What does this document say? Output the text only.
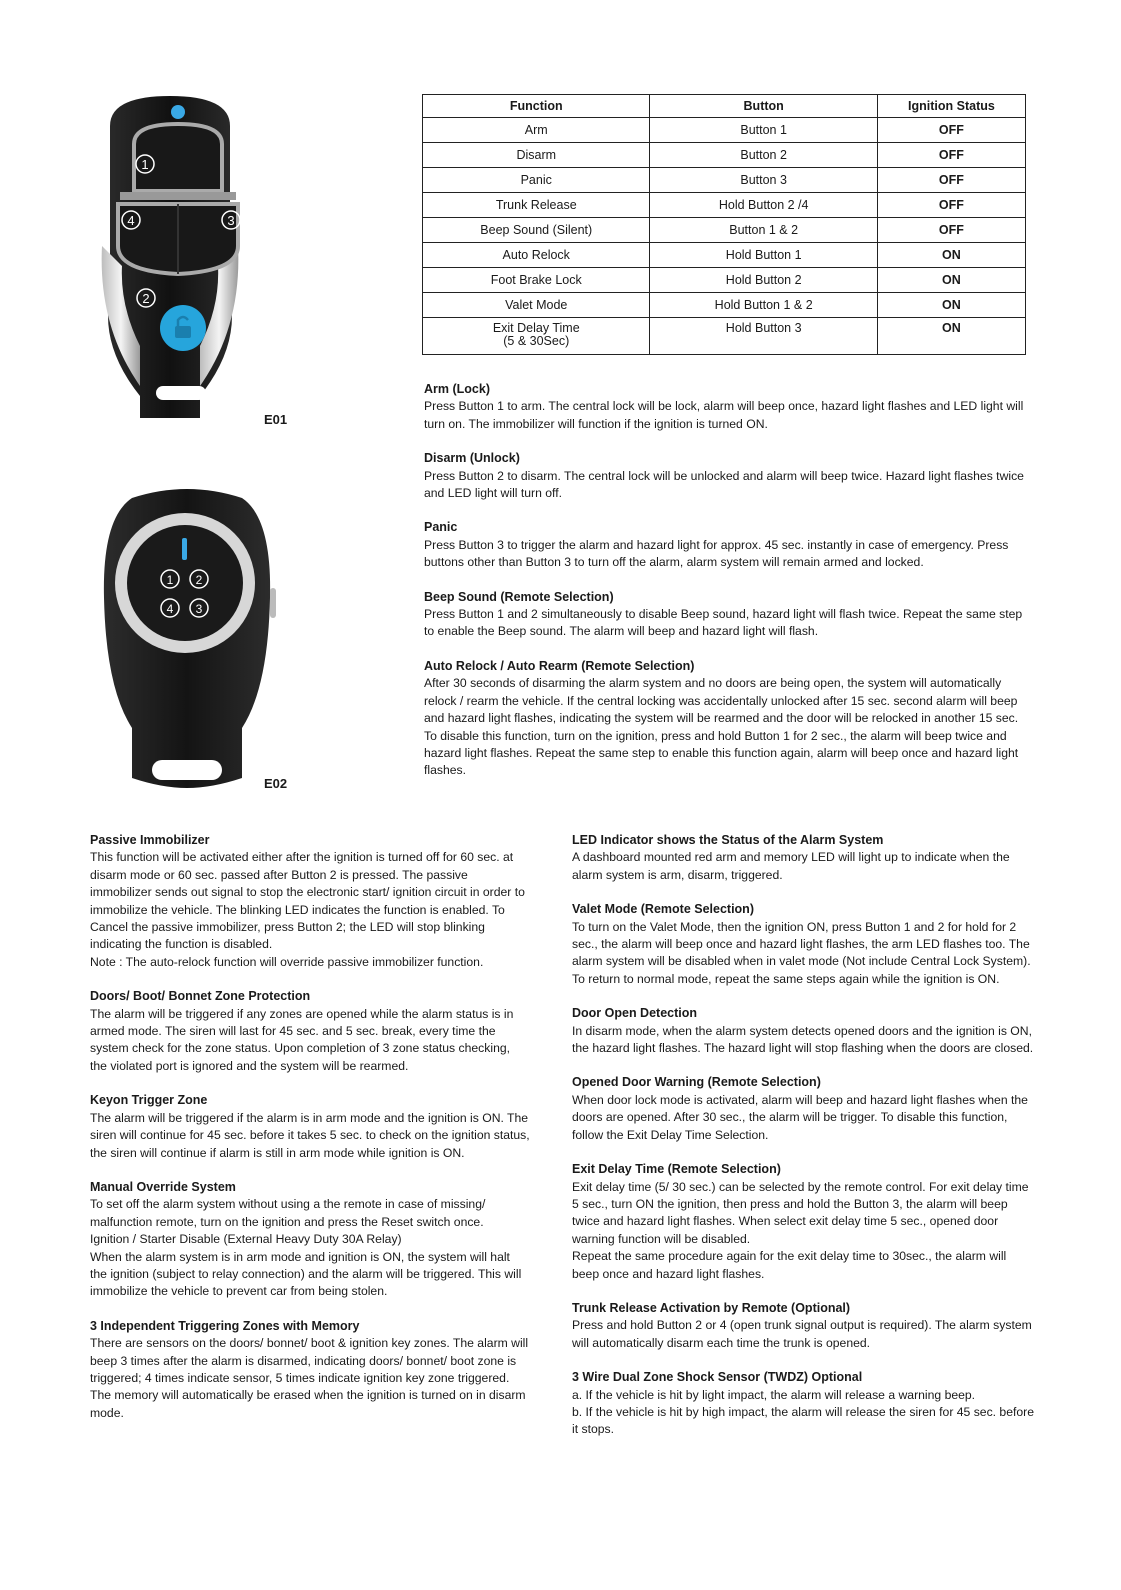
1
4	3
2
E01
1 2
4 3
E02
Function	Button	Ignition Status
Arm	Button 1	OFF
Disarm	Button 2	OFF
Panic	Button 3	OFF
Trunk Release	Hold Button 2 /4	OFF
Beep Sound (Silent)	Button 1 & 2	OFF
Auto Relock	Hold Button 1	ON
Foot Brake Lock	Hold Button 2	ON
Valet Mode	Hold Button 1 & 2	ON
Exit Delay Time
(5 & 30Sec)	Hold Button 3	ON
Arm (Lock)

Press Button 1 to arm. The central lock will be lock, alarm will beep once, hazard light flashes and LED light will turn on. The immobilizer will function if the ignition is turned ON.

Disarm (Unlock)

Press Button 2 to disarm. The central lock will be unlocked and alarm will beep twice. Hazard light flashes twice and LED light will turn off.

Panic

Press Button 3 to trigger the alarm and hazard light for approx. 45 sec. instantly in case of emergency. Press buttons other than Button 3 to turn off the alarm, alarm system will remain armed and locked.

Beep Sound (Remote Selection)

Press Button 1 and 2 simultaneously to disable Beep sound, hazard light will flash twice. Repeat the same step to enable the Beep sound. The alarm will beep and hazard light will flash.

Auto Relock / Auto Rearm (Remote Selection)

After 30 seconds of disarming the alarm system and no doors are being open, the system will automatically relock / rearm the vehicle. If the central locking was accidentally unlocked after 15 sec. second alarm will beep and hazard light flashes, indicating the system will be rearmed and the door will be relocked in another 15 sec.

To disable this function, turn on the ignition, press and hold Button 1 for 2 sec., the alarm will beep twice and hazard light flashes. Repeat the same step to enable this function again, alarm will beep once and hazard light flashes.

Passive Immobilizer

This function will be activated either after the ignition is turned off for 60 sec. at disarm mode or 60 sec. passed after Button 2 is pressed. The passive immobilizer sends out signal to stop the electronic start/ ignition circuit in order to immobilize the vehicle. The blinking LED indicates the function is enabled. To Cancel the passive immobilizer, press Button 2; the LED will stop blinking indicating the function is disabled.

Note : The auto-relock function will override passive immobilizer function.

Doors/ Boot/ Bonnet Zone Protection

The alarm will be triggered if any zones are opened while the alarm status is in armed mode. The siren will last for 45 sec. and 5 sec. break, every time the system check for the zone status. Upon completion of 3 zone status checking, the violated port is ignored and the system will be rearmed.

Keyon Trigger Zone

The alarm will be triggered if the alarm is in arm mode and the ignition is ON. The siren will continue for 45 sec. before it takes 5 sec. to check on the ignition status, the siren will continue if alarm is still in arm mode while ignition is ON.

Manual Override System

To set off the alarm system without using a the remote in case of missing/ malfunction remote, turn on the ignition and press the Reset switch once.

Ignition / Starter Disable (External Heavy Duty 30A Relay)

When the alarm system is in arm mode and ignition is ON, the system will halt the ignition (subject to relay connection) and the alarm will be triggered. This will immobilize the vehicle to prevent car from being stolen.

3 Independent Triggering Zones with Memory

There are sensors on the doors/ bonnet/ boot & ignition key zones. The alarm will beep 3 times after the alarm is disarmed, indicating doors/ bonnet/ boot zone is triggered; 4 times indicate sensor, 5 times indicate ignition key zone triggered. The memory will automatically be erased when the ignition is turned on in disarm mode.

LED Indicator shows the Status of the Alarm System

A dashboard mounted red arm and memory LED will light up to indicate when the alarm system is arm, disarm, triggered.

Valet Mode (Remote Selection)

To turn on the Valet Mode, then the ignition ON, press Button 1 and 2 for hold for 2 sec., the alarm will beep once and hazard light flashes, the arm LED flashes too. The alarm system will be disabled when in valet mode (Not include Central Lock System). To return to normal mode, repeat the same steps again while the ignition is ON.

Door Open Detection

In disarm mode, when the alarm system detects opened doors and the ignition is ON, the hazard light flashes. The hazard light will stop flashing when the doors are closed.

Opened Door Warning (Remote Selection)

When door lock mode is activated, alarm will beep and hazard light flashes when the doors are opened. After 30 sec., the alarm will be trigger. To disable this function, follow the Exit Delay Time Selection.

Exit Delay Time (Remote Selection)

Exit delay time (5/ 30 sec.) can be selected by the remote control. For exit delay time 5 sec., turn ON the ignition, then press and hold the Button 3, the alarm will beep twice and hazard light flashes. When select exit delay time 5 sec., opened door warning function will be disabled.

Repeat the same procedure again for the exit delay time to 30sec., the alarm will beep once and hazard light flashes.

Trunk Release Activation by Remote (Optional)

Press and hold Button 2 or 4 (open trunk signal output is required). The alarm system will automatically disarm each time the trunk is opened.

3 Wire Dual Zone Shock Sensor (TWDZ) Optional

a. If the vehicle is hit by light impact, the alarm will release a warning beep.

b. If the vehicle is hit by high impact, the alarm will release the siren for 45 sec. before it stops.
